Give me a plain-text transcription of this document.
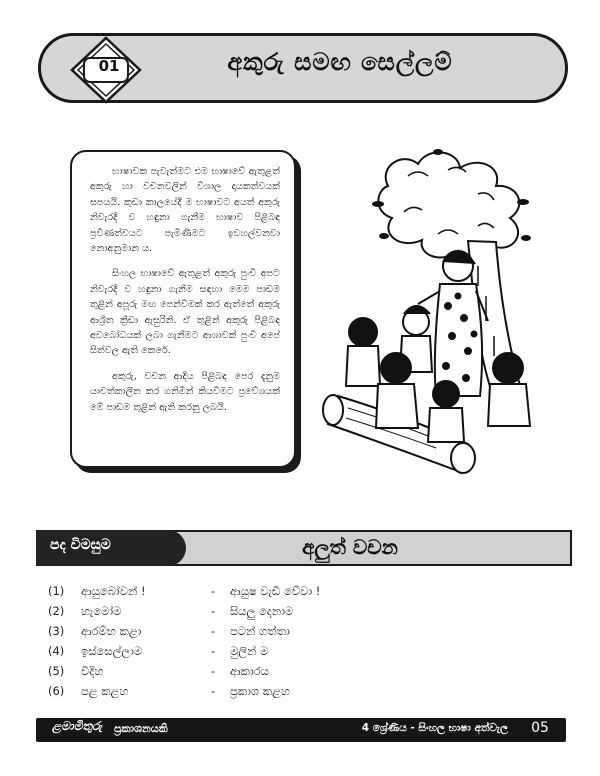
01	අකුරු සමඟ සෙල්ලම්

භාෂාවක පැවැත්මට එම භාෂාවේ ඇතුළත් අකුරු හා වචනවලින් විශාල දායකත්වයක් සපයයි. කුඩා කාලයේදී ම භාෂාවට අයත් අකුරු නිවැරදි ව හඳුනා ගැනීම භාෂාව පිළිබඳ ප්‍රවීණත්වයට පැමිණීමට ඉවහල්වනවා නොඅනුමාන ය.

සිංහල භාෂාවේ ඇතුළත් අකුරු පුංචි අපට නිවැරදි ව හඳුනා ගැනීම සඳහා මෙම පාඩම තුළින් අපූරු මඟ පෙන්වීමක් කර ඇත්තේ අකුරු ආශ්‍රිත ක්‍රීඩා ඇසුරිනි. ඒ තුළින් අකුරු පිළිබඳ අවබෝධයක් ලබා ගැනීමට ආශාවක් පුංචි අපේ සිත්වල ඇති කෙරේ.

අකුරු, වචන ආදිය පිළිබඳ පෙර දැනුම යාවත්කාලීන කර ගනිමින් කියවීමට ප්‍රවේශයක් මේ පාඩම තුළින් ඇති කරනු ලබයි.

පද විමසුම	අලුත් වචන
(1) ආයුබෝවන් !	- ආයුෂ වැඩී වේවා !
(2) හැමෝම	- සියලු දෙනාම
(3) ආරම්භ කළා	- පටන් ගත්තා
(4) ඉස්සෙල්ලාම	- මුලින් ම
(5) විදිහ	- ආකාරය
(6) පළ කළහ	- ප්‍රකාශ කළහ
ළමාමිතුරු	ප්‍රකාශනයකි	4 ශ්‍රේණිය - සිංහල භාෂා අත්වැල	05
